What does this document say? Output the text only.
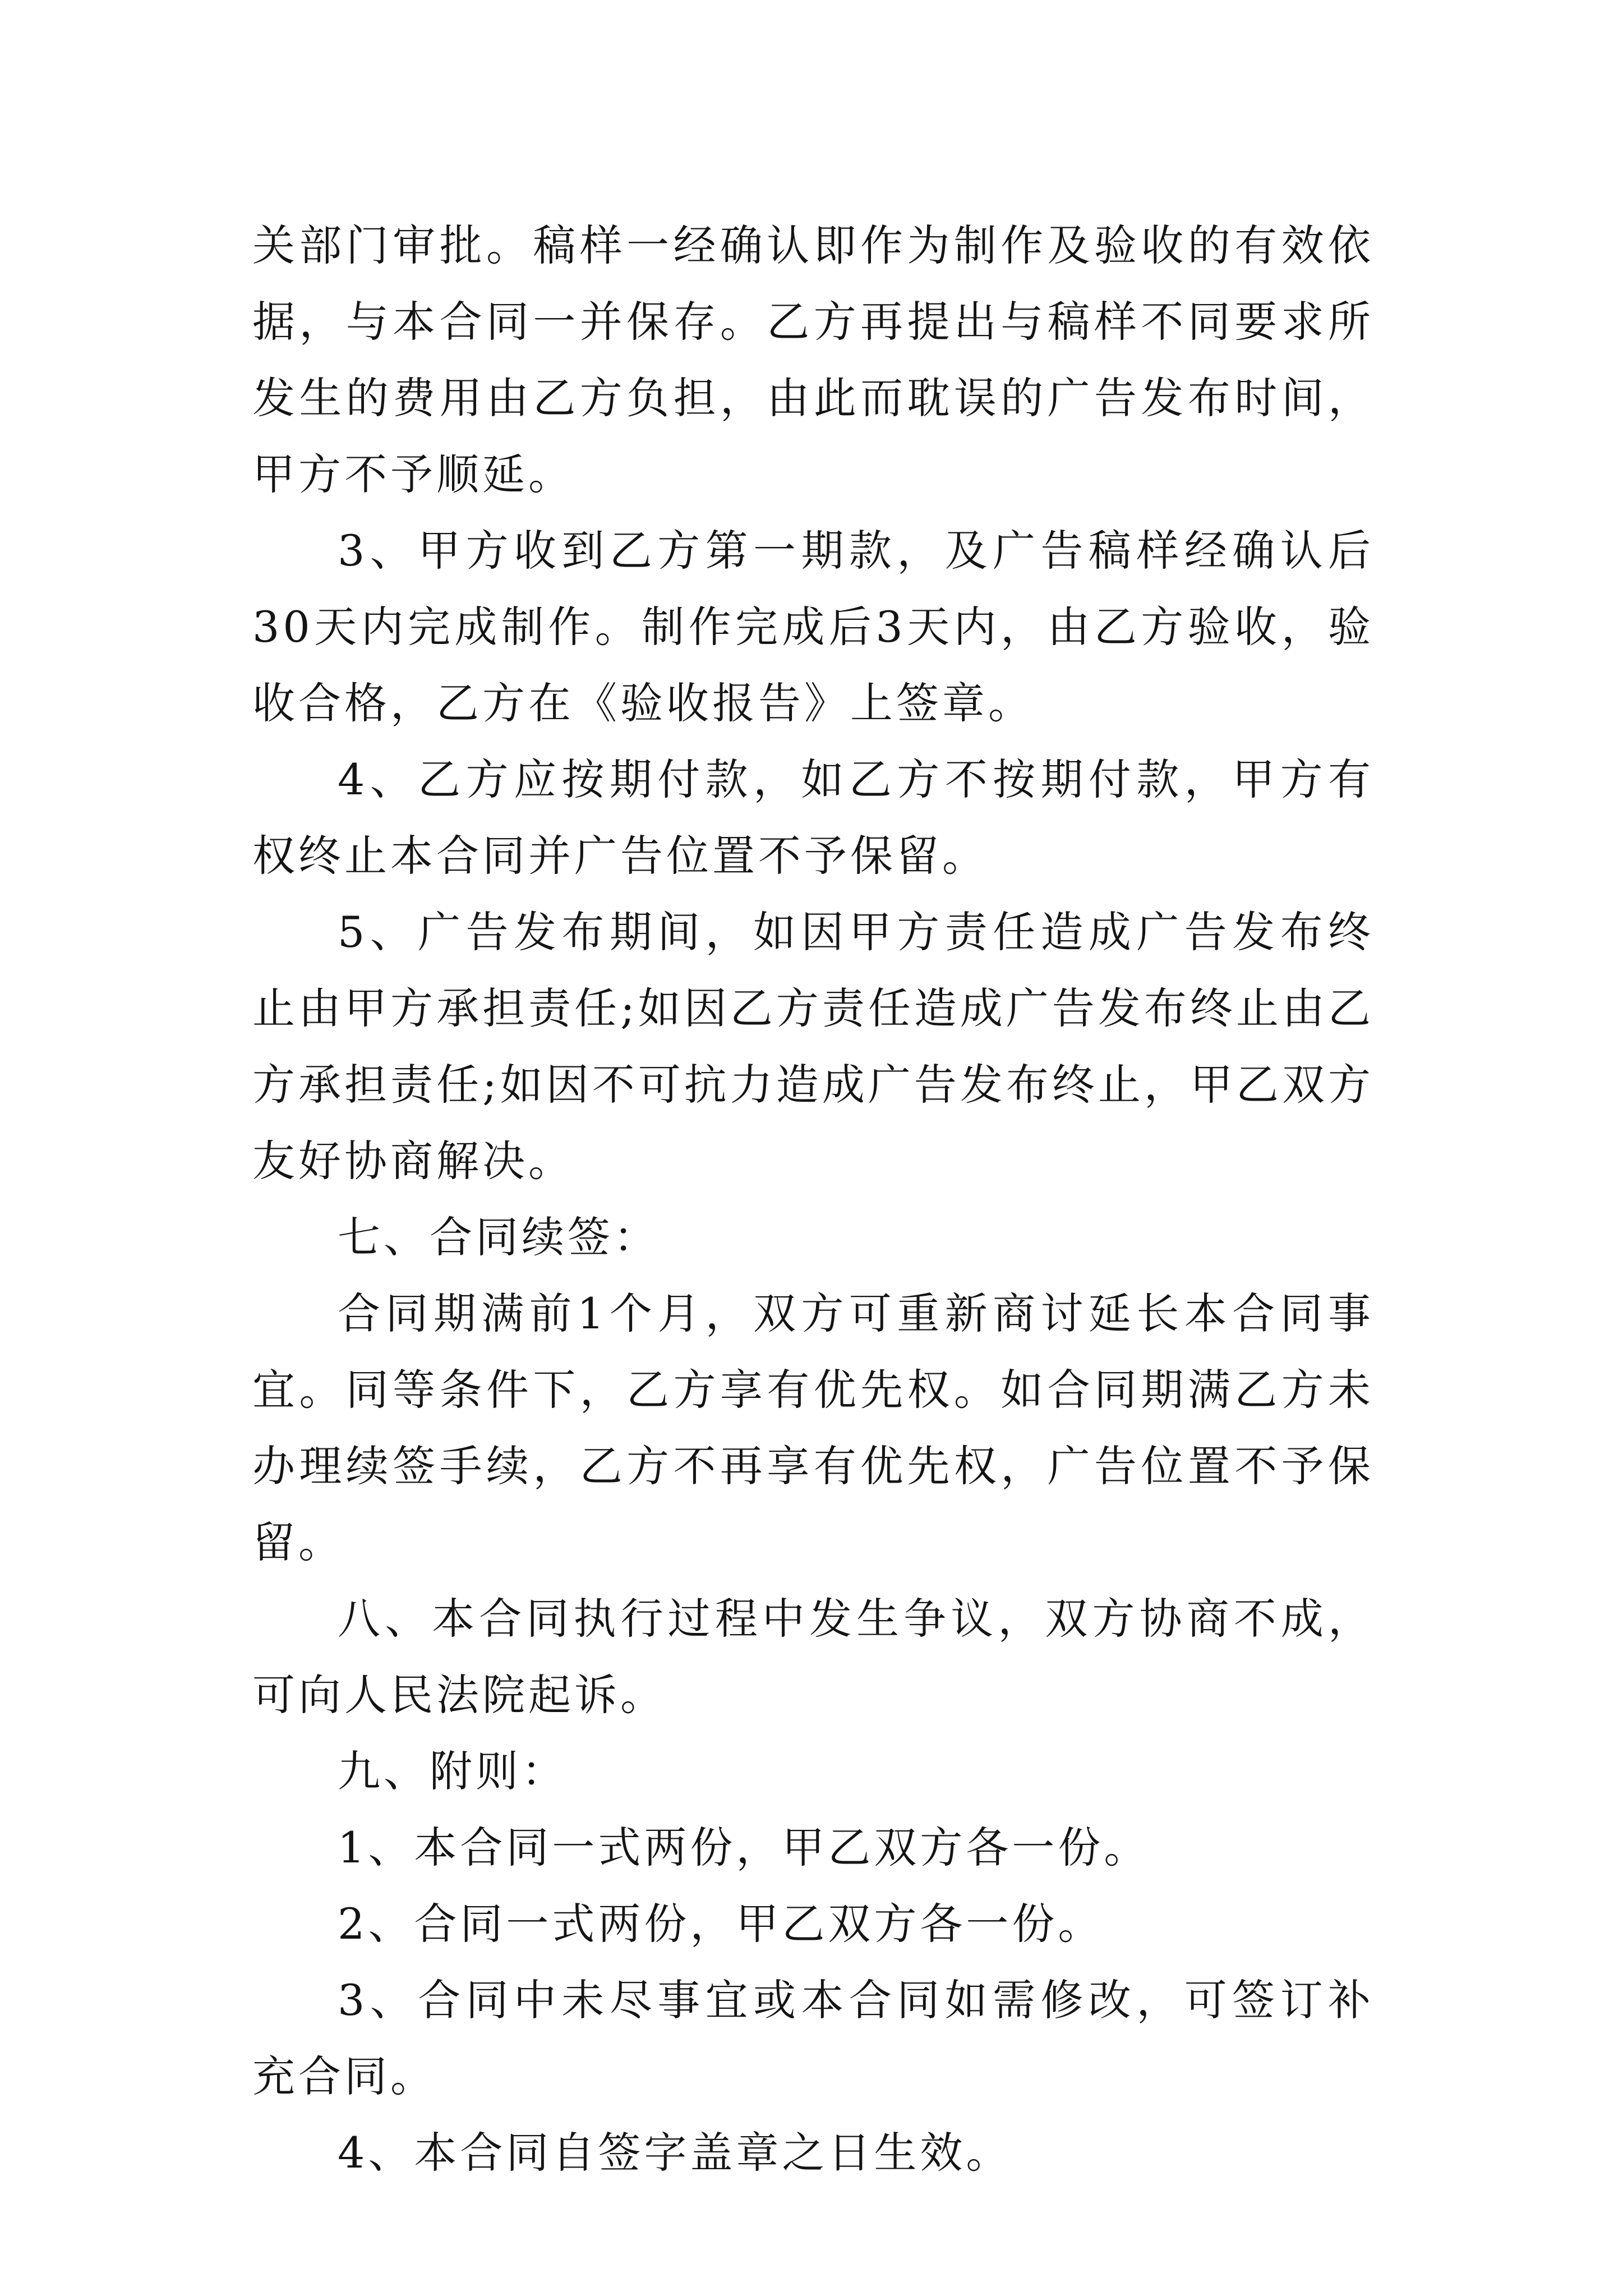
关部门审批。稿样一经确认即作为制作及验收的有效依据，与本合同一并保存。乙方再提出与稿样不同要求所发生的费用由乙方负担，由此而耽误的广告发布时间，甲方不予顺延。

3、甲方收到乙方第一期款，及广告稿样经确认后30天内完成制作。制作完成后3天内，由乙方验收，验收合格，乙方在《验收报告》上签章。

4、乙方应按期付款，如乙方不按期付款，甲方有权终止本合同并广告位置不予保留。

5、广告发布期间，如因甲方责任造成广告发布终止由甲方承担责任;如因乙方责任造成广告发布终止由乙方承担责任;如因不可抗力造成广告发布终止，甲乙双方友好协商解决。

七、合同续签：

合同期满前1个月，双方可重新商讨延长本合同事宜。同等条件下，乙方享有优先权。如合同期满乙方未办理续签手续，乙方不再享有优先权，广告位置不予保留。

八、本合同执行过程中发生争议，双方协商不成，可向人民法院起诉。

九、附则：

1、本合同一式两份，甲乙双方各一份。

2、合同一式两份，甲乙双方各一份。

3、合同中未尽事宜或本合同如需修改，可签订补充合同。

4、本合同自签字盖章之日生效。
